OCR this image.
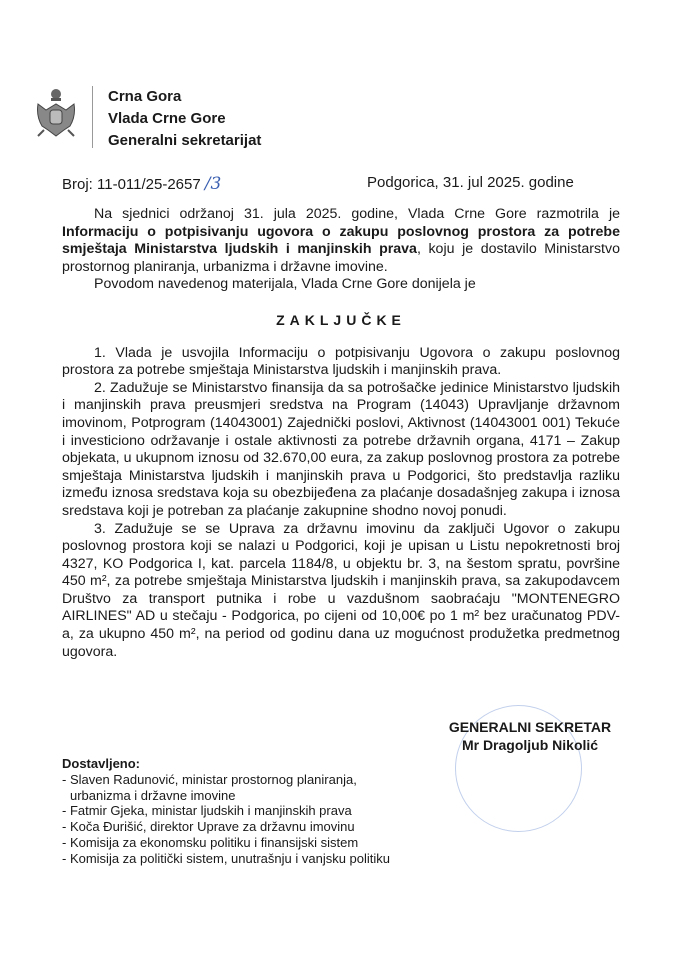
Crna Gora
Vlada Crne Gore
Generalni sekretarijat
Broj: 11-011/25-2657 /3	Podgorica, 31. jul 2025. godine

Na sjednici održanoj 31. jula 2025. godine, Vlada Crne Gore razmotrila je Informaciju o potpisivanju ugovora o zakupu poslovnog prostora za potrebe smještaja Ministarstva ljudskih i manjinskih prava, koju je dostavilo Ministarstvo prostornog planiranja, urbanizma i državne imovine.

Povodom navedenog materijala, Vlada Crne Gore donijela je

ZAKLJUČKE

1. Vlada je usvojila Informaciju o potpisivanju Ugovora o zakupu poslovnog prostora za potrebe smještaja Ministarstva ljudskih i manjinskih prava.

2. Zadužuje se Ministarstvo finansija da sa potrošačke jedinice Ministarstvo ljudskih i manjinskih prava preusmjeri sredstva na Program (14043) Upravljanje državnom imovinom, Potprogram (14043001) Zajednički poslovi, Aktivnost (14043001 001) Tekuće i investiciono održavanje i ostale aktivnosti za potrebe državnih organa, 4171 – Zakup objekata, u ukupnom iznosu od 32.670,00 eura, za zakup poslovnog prostora za potrebe smještaja Ministarstva ljudskih i manjinskih prava u Podgorici, što predstavlja razliku između iznosa sredstava koja su obezbijeđena za plaćanje dosadašnjeg zakupa i iznosa sredstava koji je potreban za plaćanje zakupnine shodno novoj ponudi.

3. Zadužuje se se Uprava za državnu imovinu da zaključi Ugovor o zakupu poslovnog prostora koji se nalazi u Podgorici, koji je upisan u Listu nepokretnosti broj 4327, KO Podgorica I, kat. parcela 1184/8, u objektu br. 3, na šestom spratu, površine 450 m², za potrebe smještaja Ministarstva ljudskih i manjinskih prava, sa zakupodavcem Društvo za transport putnika i robe u vazdušnom saobraćaju "MONTENEGRO AIRLINES" AD u stečaju - Podgorica, po cijeni od 10,00€ po 1 m² bez uračunatog PDV-a, za ukupno 450 m², na period od godinu dana uz mogućnost produžetka predmetnog ugovora.

GENERALNI SEKRETAR
Mr Dragoljub Nikolić
Dostavljeno:
- Slaven Radunović, ministar prostornog planiranja,
urbanizma i državne imovine
- Fatmir Gjeka, ministar ljudskih i manjinskih prava
- Koča Đurišić, direktor Uprave za državnu imovinu
- Komisija za ekonomsku politiku i finansijski sistem
- Komisija za politički sistem, unutrašnju i vanjsku politiku
